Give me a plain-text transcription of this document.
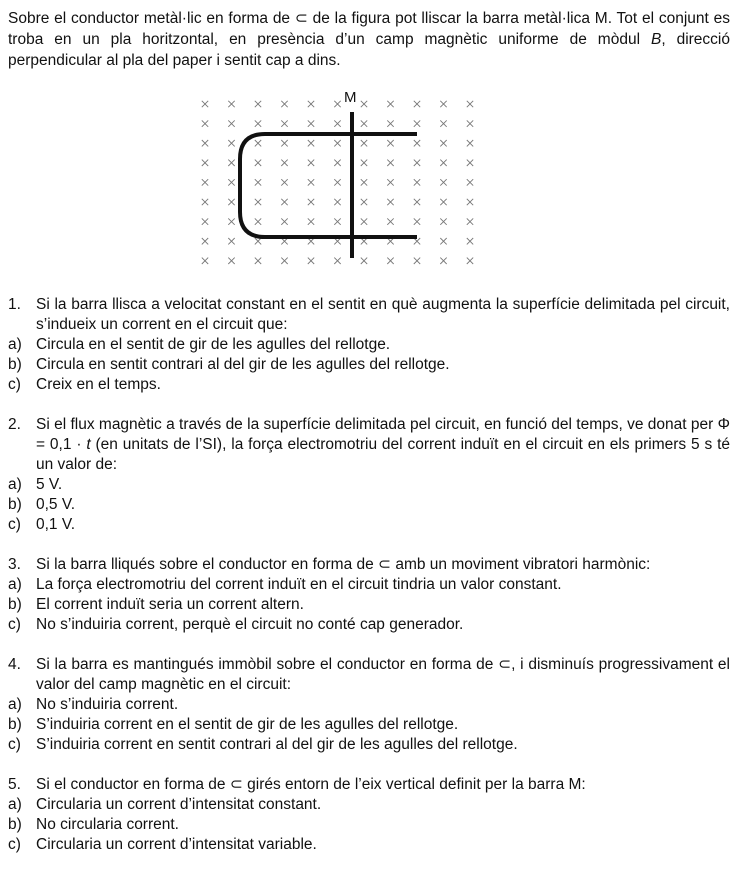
Sobre el conductor metàl·lic en forma de ⊂ de la figura pot lliscar la barra metàl·lica M. Tot el conjunt es troba en un pla horitzontal, en presència d’un camp magnètic uniforme de mòdul B, direcció perpendicular al pla del paper i sentit cap a dins.
M
1. Si la barra llisca a velocitat constant en el sentit en què augmenta la superfície delimitada pel circuit, s’indueix un corrent en el circuit que:
a) Circula en el sentit de gir de les agulles del rellotge.
b) Circula en sentit contrari al del gir de les agulles del rellotge.
c) Creix en el temps.
2. Si el flux magnètic a través de la superfície delimitada pel circuit, en funció del temps, ve donat per Φ = 0,1 · t (en unitats de l’SI), la força electromotriu del corrent induït en el circuit en els primers 5 s té un valor de:
a) 5 V.
b) 0,5 V.
c) 0,1 V.
3. Si la barra lliqués sobre el conductor en forma de ⊂ amb un moviment vibratori harmònic:
a) La força electromotriu del corrent induït en el circuit tindria un valor constant.
b) El corrent induït seria un corrent altern.
c) No s’induiria corrent, perquè el circuit no conté cap generador.
4. Si la barra es mantingués immòbil sobre el conductor en forma de ⊂, i disminuís progressivament el valor del camp magnètic en el circuit:
a) No s’induiria corrent.
b) S’induiria corrent en el sentit de gir de les agulles del rellotge.
c) S’induiria corrent en sentit contrari al del gir de les agulles del rellotge.
5. Si el conductor en forma de ⊂ girés entorn de l’eix vertical definit per la barra M:
a) Circularia un corrent d’intensitat constant.
b) No circularia corrent.
c) Circularia un corrent d’intensitat variable.
